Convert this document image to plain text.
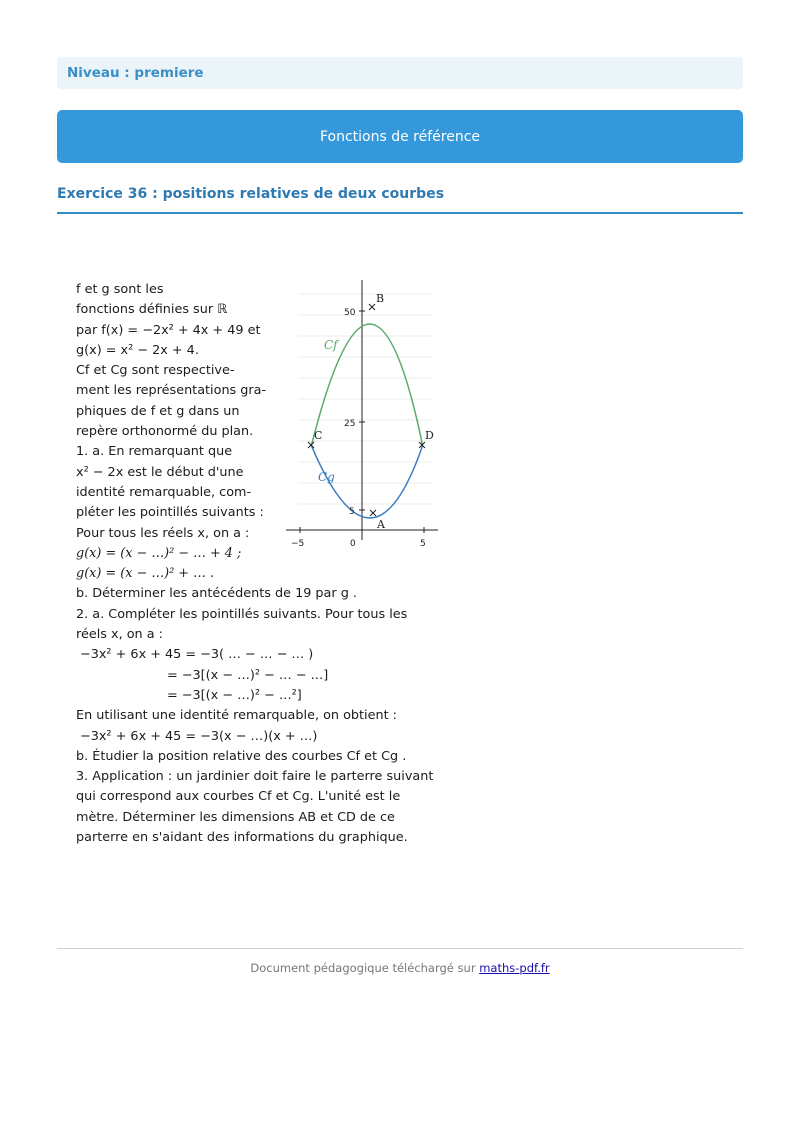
Niveau : premiere
Fonctions de référence
Exercice 36 : positions relatives de deux courbes

f et g sont les

fonctions définies sur ℝ

par f(x) = −2x² + 4x + 49 et

g(x) = x² − 2x + 4.

Cf et Cg sont respective-

ment les représentations gra-

phiques de f et g dans un

repère orthonormé du plan.

1. a. En remarquant que

x² − 2x est le début d'une

identité remarquable, com-

pléter les pointillés suivants :

Pour tous les réels x, on a :

g(x) = (x − …)² − … + 4 ;

g(x) = (x − …)² + … .

b. Déterminer les antécédents de 19 par g .

2. a. Compléter les pointillés suivants. Pour tous les

réels x, on a :

−3x² + 6x + 45 = −3( … − … − … )

= −3[(x − …)² − … − …]

= −3[(x − …)² − …²]

En utilisant une identité remarquable, on obtient :

−3x² + 6x + 45 = −3(x − …)(x + …)

b. Étudier la position relative des courbes Cf et Cg .

3. Application : un jardinier doit faire le parterre suivant

qui correspond aux courbes Cf et Cg. L'unité est le

mètre. Déterminer les dimensions AB et CD de ce

parterre en s'aidant des informations du graphique.

B
A
C	D
50
25
5
−5	0	5
Cf
Cg
Document pédagogique téléchargé sur maths-pdf.fr
